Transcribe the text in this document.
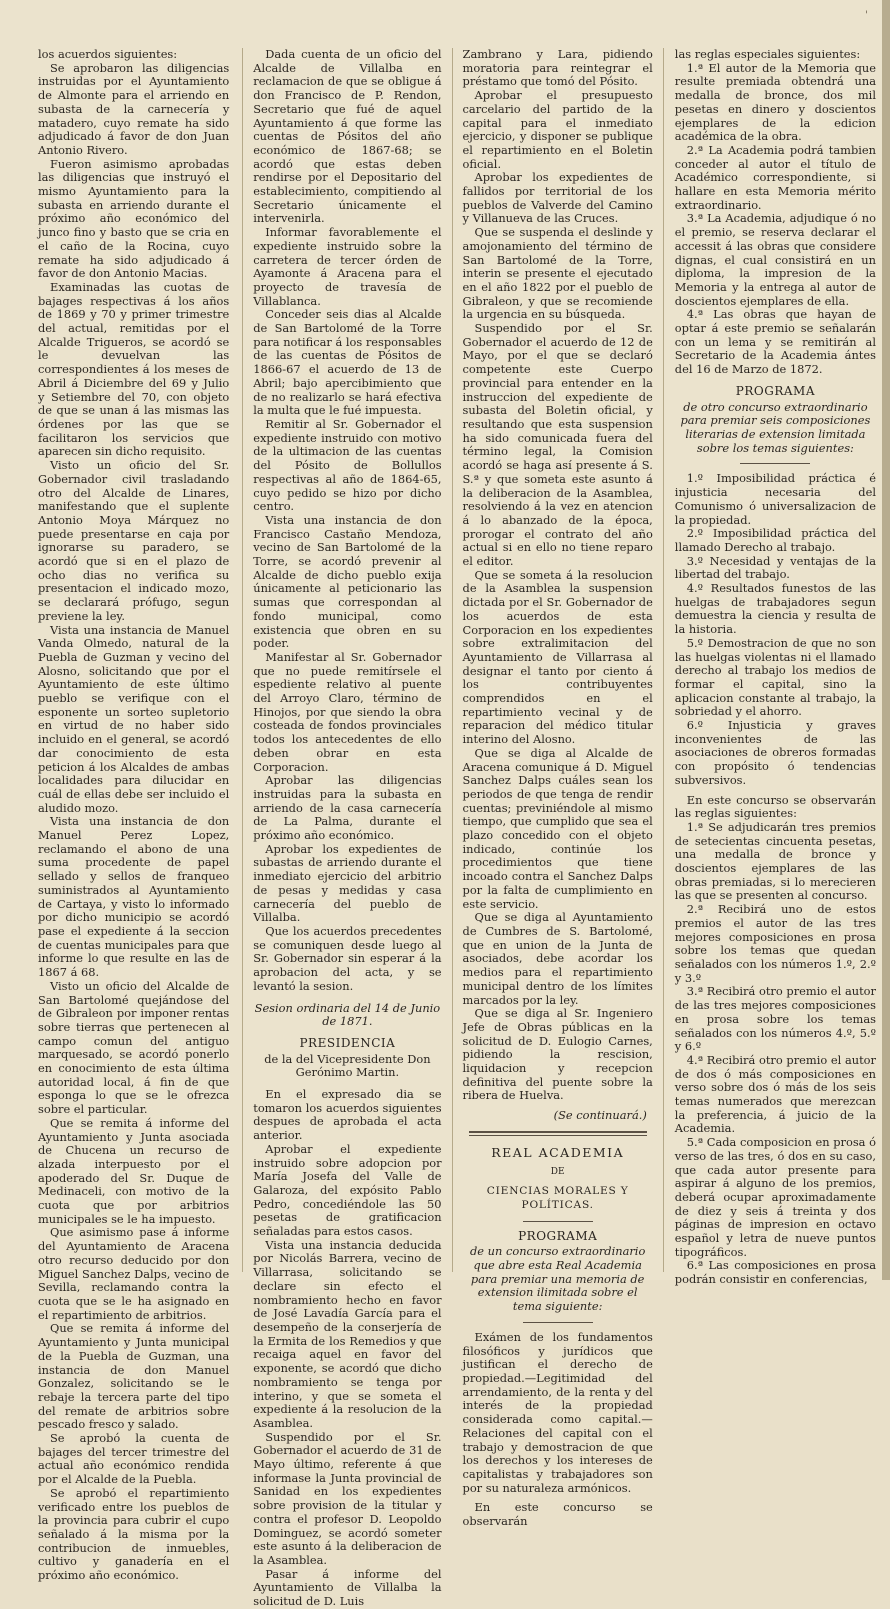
'

los acuerdos siguientes:

Se aprobaron las diligencias instruidas por el Ayuntamiento de Almonte para el arriendo en subasta de la carnecería y matadero, cuyo remate ha sido adjudicado á favor de don Juan Antonio Rivero.

Fueron asimismo aprobadas las diligencias que instruyó el mismo Ayuntamiento para la subasta en arriendo durante el próximo año económico del junco fino y basto que se cria en el caño de la Rocina, cuyo remate ha sido adjudicado á favor de don Antonio Macias.

Examinadas las cuotas de bajages respectivas á los años de 1869 y 70 y primer trimestre del actual, remitidas por el Alcalde Trigueros, se acordó se le devuelvan las correspondientes á los meses de Abril á Diciembre del 69 y Julio y Setiembre del 70, con objeto de que se unan á las mismas las órdenes por las que se facilitaron los servicios que aparecen sin dicho requisito.

Visto un oficio del Sr. Gobernador civil trasladando otro del Alcalde de Linares, manifestando que el suplente Antonio Moya Márquez no puede presentarse en caja por ignorarse su paradero, se acordó que si en el plazo de ocho dias no verifica su presentacion el indicado mozo, se declarará prófugo, segun previene la ley.

Vista una instancia de Manuel Vanda Olmedo, natural de la Puebla de Guzman y vecino del Alosno, solicitando que por el Ayuntamiento de este último pueblo se verifique con el esponente un sorteo supletorio en virtud de no haber sido incluido en el general, se acordó dar conocimiento de esta peticion á los Alcaldes de ambas localidades para dilucidar en cuál de ellas debe ser incluido el aludido mozo.

Vista una instancia de don Manuel Perez Lopez, reclamando el abono de una suma procedente de papel sellado y sellos de franqueo suministrados al Ayuntamiento de Cartaya, y visto lo informado por dicho municipio se acordó pase el expediente á la seccion de cuentas municipales para que informe lo que resulte en las de 1867 á 68.

Visto un oficio del Alcalde de San Bartolomé quejándose del de Gibraleon por imponer rentas sobre tierras que pertenecen al campo comun del antiguo marquesado, se acordó ponerlo en conocimiento de esta última autoridad local, á fin de que esponga lo que se le ofrezca sobre el particular.

Que se remita á informe del Ayuntamiento y Junta asociada de Chucena un recurso de alzada interpuesto por el apoderado del Sr. Duque de Medinaceli, con motivo de la cuota que por arbitrios municipales se le ha impuesto.

Que asimismo pase á informe del Ayuntamiento de Aracena otro recurso deducido por don Miguel Sanchez Dalps, vecino de Sevilla, reclamando contra la cuota que se le ha asignado en el repartimiento de arbitrios.

Que se remita á informe del Ayuntamiento y Junta municipal de la Puebla de Guzman, una instancia de don Manuel Gonzalez, solicitando se le rebaje la tercera parte del tipo del remate de arbitrios sobre pescado fresco y salado.

Se aprobó la cuenta de bajages del tercer trimestre del actual año económico rendida por el Alcalde de la Puebla.

Se aprobó el repartimiento verificado entre los pueblos de la provincia para cubrir el cupo señalado á la misma por la contribucion de inmuebles, cultivo y ganadería en el próximo año económico.

Dada cuenta de un oficio del Alcalde de Villalba en reclamacion de que se obligue á don Francisco de P. Rendon, Secretario que fué de aquel Ayuntamiento á que forme las cuentas de Pósitos del año económico de 1867-68; se acordó que estas deben rendirse por el Depositario del establecimiento, compitiendo al Secretario únicamente el intervenirla.

Informar favorablemente el expediente instruido sobre la carretera de tercer órden de Ayamonte á Aracena para el proyecto de travesía de Villablanca.

Conceder seis dias al Alcalde de San Bartolomé de la Torre para notificar á los responsables de las cuentas de Pósitos de 1866-67 el acuerdo de 13 de Abril; bajo apercibimiento que de no realizarlo se hará efectiva la multa que le fué impuesta.

Remitir al Sr. Gobernador el expediente instruido con motivo de la ultimacion de las cuentas del Pósito de Bollullos respectivas al año de 1864-65, cuyo pedido se hizo por dicho centro.

Vista una instancia de don Francisco Castaño Mendoza, vecino de San Bartolomé de la Torre, se acordó prevenir al Alcalde de dicho pueblo exija únicamente al peticionario las sumas que correspondan al fondo municipal, como existencia que obren en su poder.

Manifestar al Sr. Gobernador que no puede remitírsele el espediente relativo al puente del Arroyo Claro, término de Hinojos, por que siendo la obra costeada de fondos provinciales todos los antecedentes de ello deben obrar en esta Corporacion.

Aprobar las diligencias instruidas para la subasta en arriendo de la casa carnecería de La Palma, durante el próximo año económico.

Aprobar los expedientes de subastas de arriendo durante el inmediato ejercicio del arbitrio de pesas y medidas y casa carnecería del pueblo de Villalba.

Que los acuerdos precedentes se comuniquen desde luego al Sr. Gobernador sin esperar á la aprobacion del acta, y se levantó la sesion.

Sesion ordinaria del 14 de Junio de 1871.

PRESIDENCIA
de la del Vicepresidente Don Gerónimo Martin.

En el expresado dia se tomaron los acuerdos siguientes despues de aprobada el acta anterior.

Aprobar el expediente instruido sobre adopcion por María Josefa del Valle de Galaroza, del expósito Pablo Pedro, concediéndole las 50 pesetas de gratificacion señaladas para estos casos.

Vista una instancia deducida por Nicolás Barrera, vecino de Villarrasa, solicitando se declare sin efecto el nombramiento hecho en favor de José Lavadía García para el desempeño de la conserjería de la Ermita de los Remedios y que recaiga aquel en favor del exponente, se acordó que dicho nombramiento se tenga por interino, y que se someta el expediente á la resolucion de la Asamblea.

Suspendido por el Sr. Gobernador el acuerdo de 31 de Mayo último, referente á que informase la Junta provincial de Sanidad en los expedientes sobre provision de la titular y contra el profesor D. Leopoldo Dominguez, se acordó someter este asunto á la deliberacion de la Asamblea.

Pasar á informe del Ayuntamiento de Villalba la solicitud de D. Luis

Zambrano y Lara, pidiendo moratoria para reintegrar el préstamo que tomó del Pósito.

Aprobar el presupuesto carcelario del partido de la capital para el inmediato ejercicio, y disponer se publique el repartimiento en el Boletin oficial.

Aprobar los expedientes de fallidos por territorial de los pueblos de Valverde del Camino y Villanueva de las Cruces.

Que se suspenda el deslinde y amojonamiento del término de San Bartolomé de la Torre, interin se presente el ejecutado en el año 1822 por el pueblo de Gibraleon, y que se recomiende la urgencia en su búsqueda.

Suspendido por el Sr. Gobernador el acuerdo de 12 de Mayo, por el que se declaró competente este Cuerpo provincial para entender en la instruccion del expediente de subasta del Boletin oficial, y resultando que esta suspension ha sido comunicada fuera del término legal, la Comision acordó se haga así presente á S. S.ª y que someta este asunto á la deliberacion de la Asamblea, resolviendo á la vez en atencion á lo abanzado de la época, prorogar el contrato del año actual si en ello no tiene reparo el editor.

Que se someta á la resolucion de la Asamblea la suspension dictada por el Sr. Gobernador de los acuerdos de esta Corporacion en los expedientes sobre extralimitacion del Ayuntamiento de Villarrasa al designar el tanto por ciento á los contribuyentes comprendidos en el repartimiento vecinal y de reparacion del médico titular interino del Alosno.

Que se diga al Alcalde de Aracena comunique á D. Miguel Sanchez Dalps cuáles sean los periodos de que tenga de rendir cuentas; previniéndole al mismo tiempo, que cumplido que sea el plazo concedido con el objeto indicado, continúe los procedimientos que tiene incoado contra el Sanchez Dalps por la falta de cumplimiento en este servicio.

Que se diga al Ayuntamiento de Cumbres de S. Bartolomé, que en union de la Junta de asociados, debe acordar los medios para el repartimiento municipal dentro de los límites marcados por la ley.

Que se diga al Sr. Ingeniero Jefe de Obras públicas en la solicitud de D. Eulogio Carnes, pidiendo la rescision, liquidacion y recepcion definitiva del puente sobre la ribera de Huelva.

(Se continuará.)
REAL ACADEMIA
DE
CIENCIAS MORALES Y POLÍTICAS.
PROGRAMA

de un concurso extraordinario que abre esta Real Academia para premiar una memoria de extension ilimitada sobre el tema siguiente:

Exámen de los fundamentos filosóficos y jurídicos que justifican el derecho de propiedad.—Legitimidad del arrendamiento, de la renta y del interés de la propiedad considerada como capital.—Relaciones del capital con el trabajo y demostracion de que los derechos y los intereses de capitalistas y trabajadores son por su naturaleza armónicos.

En este concurso se observarán

las reglas especiales siguientes:

1.ª El autor de la Memoria que resulte premiada obtendrá una medalla de bronce, dos mil pesetas en dinero y doscientos ejemplares de la edicion académica de la obra.

2.ª La Academia podrá tambien conceder al autor el título de Académico correspondiente, si hallare en esta Memoria mérito extraordinario.

3.ª La Academia, adjudique ó no el premio, se reserva declarar el accessit á las obras que considere dignas, el cual consistirá en un diploma, la impresion de la Memoria y la entrega al autor de doscientos ejemplares de ella.

4.ª Las obras que hayan de optar á este premio se señalarán con un lema y se remitirán al Secretario de la Academia ántes del 16 de Marzo de 1872.

PROGRAMA

de otro concurso extraordinario para premiar seis composiciones literarias de extension limitada sobre los temas siguientes:

1.º Imposibilidad práctica é injusticia necesaria del Comunismo ó universalizacion de la propiedad.

2.º Imposibilidad práctica del llamado Derecho al trabajo.

3.º Necesidad y ventajas de la libertad del trabajo.

4.º Resultados funestos de las huelgas de trabajadores segun demuestra la ciencia y resulta de la historia.

5.º Demostracion de que no son las huelgas violentas ni el llamado derecho al trabajo los medios de formar el capital, sino la aplicacion constante al trabajo, la sobriedad y el ahorro.

6.º Injusticia y graves inconvenientes de las asociaciones de obreros formadas con propósito ó tendencias subversivos.

En este concurso se observarán las reglas siguientes:

1.ª Se adjudicarán tres premios de setecientas cincuenta pesetas, una medalla de bronce y doscientos ejemplares de las obras premiadas, si lo merecieren las que se presenten al concurso.

2.ª Recibirá uno de estos premios el autor de las tres mejores composiciones en prosa sobre los temas que quedan señalados con los números 1.º, 2.º y 3.º

3.ª Recibirá otro premio el autor de las tres mejores composiciones en prosa sobre los temas señalados con los números 4.º, 5.º y 6.º

4.ª Recibirá otro premio el autor de dos ó más composiciones en verso sobre dos ó más de los seis temas numerados que merezcan la preferencia, á juicio de la Academia.

5.ª Cada composicion en prosa ó verso de las tres, ó dos en su caso, que cada autor presente para aspirar á alguno de los premios, deberá ocupar aproximadamente de diez y seis á treinta y dos páginas de impresion en octavo español y letra de nueve puntos tipográficos.

6.ª Las composiciones en prosa podrán consistir en conferencias,
